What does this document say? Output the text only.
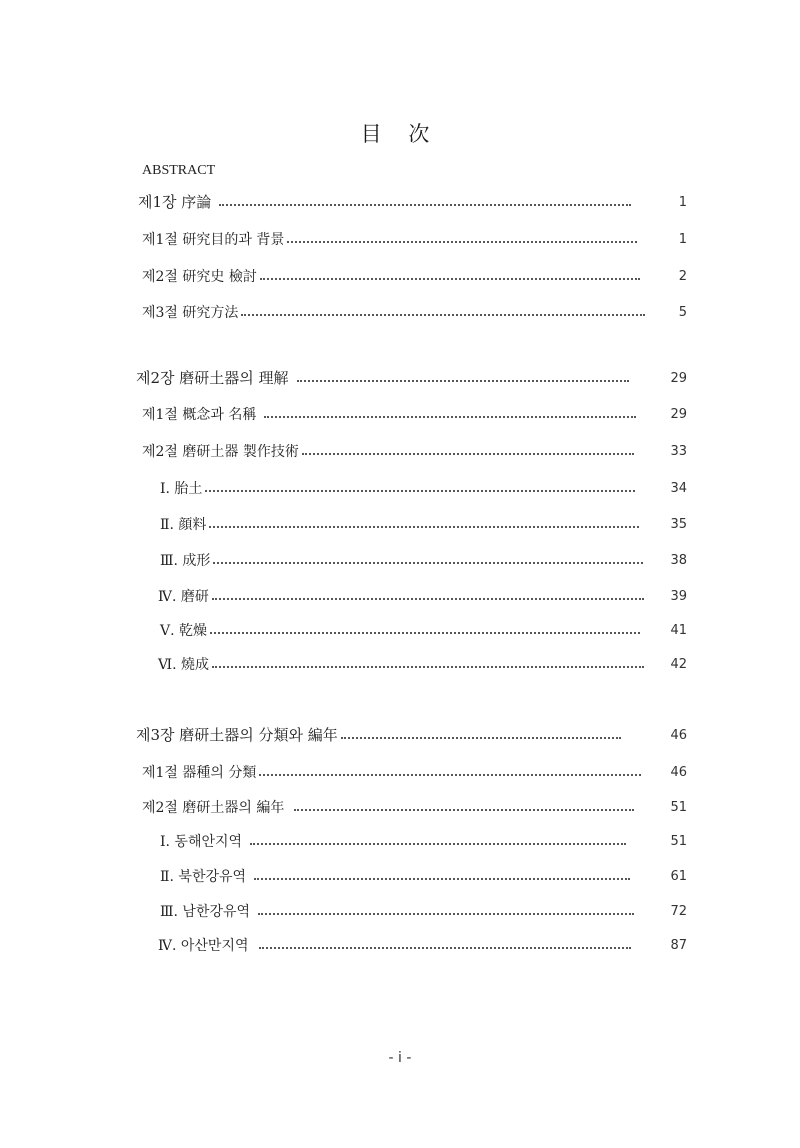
目 次
ABSTRACT
제1장 序論	1
제1절 研究目的과 背景	1
제2절 研究史 檢討	2
제3절 研究方法	5
제2장 磨研土器의 理解	29
제1절 概念과 名稱	29
제2절 磨研土器 製作技術	33
Ⅰ. 胎土	34
Ⅱ. 顔料	35
Ⅲ. 成形	38
Ⅳ. 磨研	39
Ⅴ. 乾燥	41
Ⅵ. 燒成	42
제3장 磨研土器의 分類와 編年	46
제1절 器種의 分類	46
제2절 磨研土器의 編年	51
Ⅰ. 동해안지역	51
Ⅱ. 북한강유역	61
Ⅲ. 남한강유역	72
Ⅳ. 아산만지역	87
- i -
